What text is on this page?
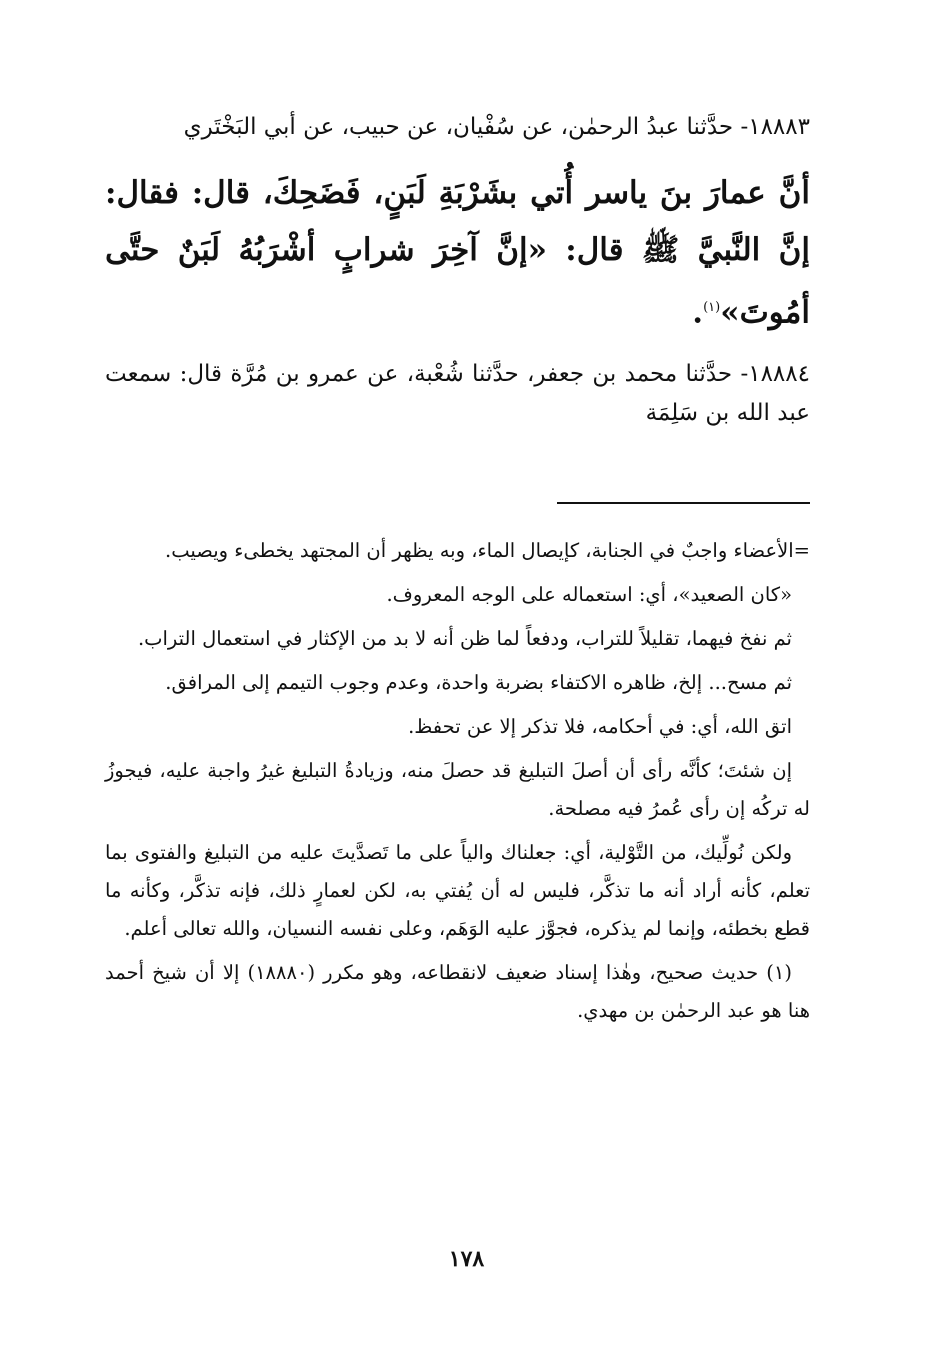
١٨٨٨٣- حدَّثنا عبدُ الرحمٰن، عن سُفْيان، عن حبيب، عن أبي البَخْتَري

أنَّ عمارَ بنَ ياسر أُتي بشَرْبَةِ لَبَنٍ، فَضَحِكَ، قال: فقال: إنَّ النَّبيَّ ﷺ قال: «إنَّ آخِرَ شرابٍ أشْرَبُهُ لَبَنٌ حتَّى أمُوتَ»$^{(١)}$.

١٨٨٨٤- حدَّثنا محمد بن جعفر، حدَّثنا شُعْبة، عن عمرو بن مُرَّة قال: سمعت عبد الله بن سَلِمَة

=الأعضاء واجبٌ في الجنابة، كإيصال الماء، وبه يظهر أن المجتهد يخطىء ويصيب.

«كان الصعيد»، أي: استعماله على الوجه المعروف.

ثم نفخ فيهما، تقليلاً للتراب، ودفعاً لما ظن أنه لا بد من الإكثار في استعمال التراب.

ثم مسح... إلخ، ظاهره الاكتفاء بضربة واحدة، وعدم وجوب التيمم إلى المرافق.

اتق الله، أي: في أحكامه، فلا تذكر إلا عن تحفظ.

إن شئتَ؛ كأنَّه رأى أن أصلَ التبليغ قد حصلَ منه، وزيادةُ التبليغ غيرُ واجبة عليه، فيجوزُ له تركُه إن رأى عُمرُ فيه مصلحة.

ولكن نُولِّيك، من التَّوْلية، أي: جعلناك والياً على ما تَصدَّيتَ عليه من التبليغ والفتوى بما تعلم، كأنه أراد أنه ما تذكَّر، فليس له أن يُفتي به، لكن لعمارٍ ذلك، فإنه تذكَّر، وكأنه ما قطع بخطئه، وإنما لم يذكره، فجوَّز عليه الوَهَم، وعلى نفسه النسيان، والله تعالى أعلم.

(١) حديث صحيح، وهٰذا إسناد ضعيف لانقطاعه، وهو مكرر (١٨٨٨٠) إلا أن شيخ أحمد هنا هو عبد الرحمٰن بن مهدي.

١٧٨
